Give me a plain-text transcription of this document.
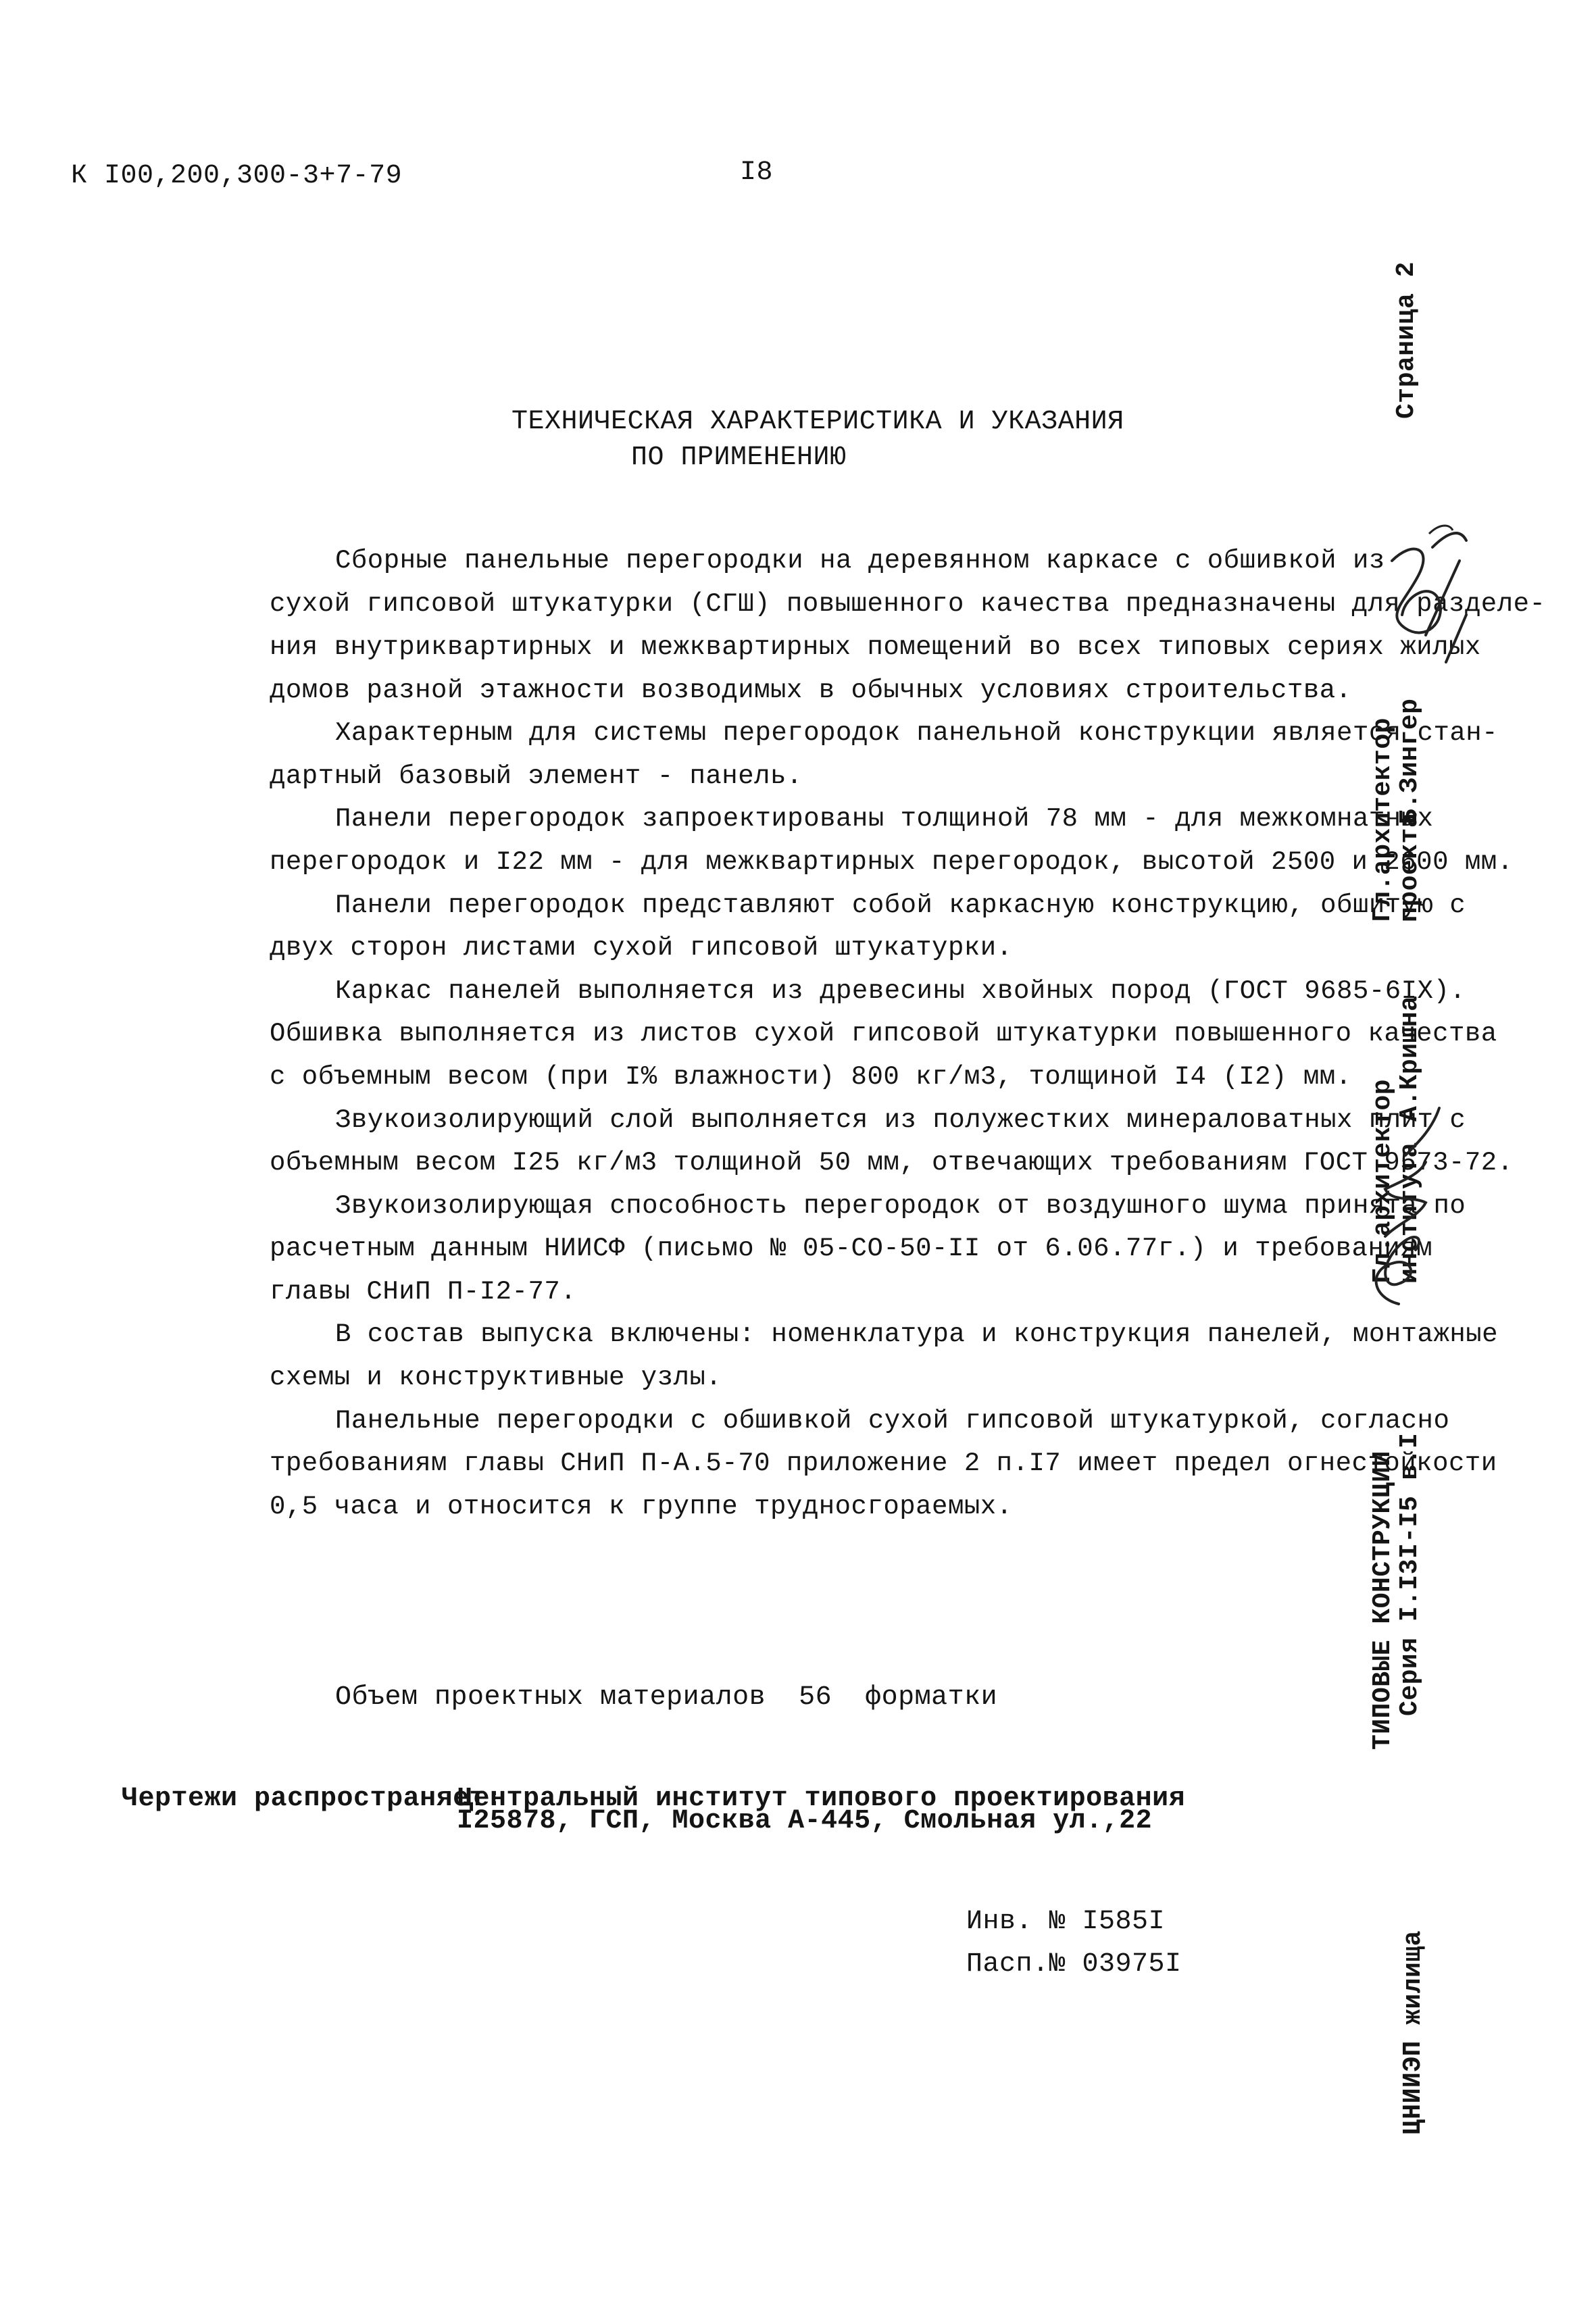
К I00,200,300-3+7-79	I8
ТЕХНИЧЕСКАЯ ХАРАКТЕРИСТИКА И УКАЗАНИЯ
ПО ПРИМЕНЕНИЮ
Сборные панельные перегородки на деревянном каркасе с обшивкой из
сухой гипсовой штукатурки (СГШ) повышенного качества предназначены для разделе-
ния внутриквартирных и межквартирных помещений во всех типовых сериях жилых
домов разной этажности возводимых в обычных условиях строительства.
Характерным для системы перегородок панельной конструкции является стан-
дартный базовый элемент - панель.
Панели перегородок запроектированы толщиной 78 мм - для межкомнатных
перегородок и I22 мм - для межквартирных перегородок, высотой 2500 и 2600 мм.
Панели перегородок представляют собой каркасную конструкцию, обшитую с
двух сторон листами сухой гипсовой штукатурки.
Каркас панелей выполняется из древесины хвойных пород (ГОСТ 9685-6IХ).
Обшивка выполняется из листов сухой гипсовой штукатурки повышенного качества
с объемным весом (при I% влажности) 800 кг/м3, толщиной I4 (I2) мм.
Звукоизолирующий слой выполняется из полужестких минераловатных плит с
объемным весом I25 кг/м3 толщиной 50 мм, отвечающих требованиям ГОСТ 9573-72.
Звукоизолирующая способность перегородок от воздушного шума принята по
расчетным данным НИИСФ (письмо № 05-СО-50-II от 6.06.77г.) и требованиям
главы СНиП П-I2-77.
В состав выпуска включены: номенклатура и конструкция панелей, монтажные
схемы и конструктивные узлы.
Панельные перегородки с обшивкой сухой гипсовой штукатуркой, согласно
требованиям главы СНиП П-А.5-70 приложение 2 п.I7 имеет предел огнестойкости
0,5 часа и относится к группе трудносгораемых.
Объем проектных материалов  56  форматки
Чертежи распространяет:
Центральный институт типового проектирования
I25878, ГСП, Москва А-445, Смольная ул.,22
Инв. № I585I
Пасп.№ 03975I
Страница 2
Гл.архитектор
проекта
Б.Зингер
Гл.архитектор
института
А.Кришна
ТИПОВЫЕ КОНСТРУКЦИИ
Серия I.I3I-I5 в.I
ЦНИИЭП жилища
